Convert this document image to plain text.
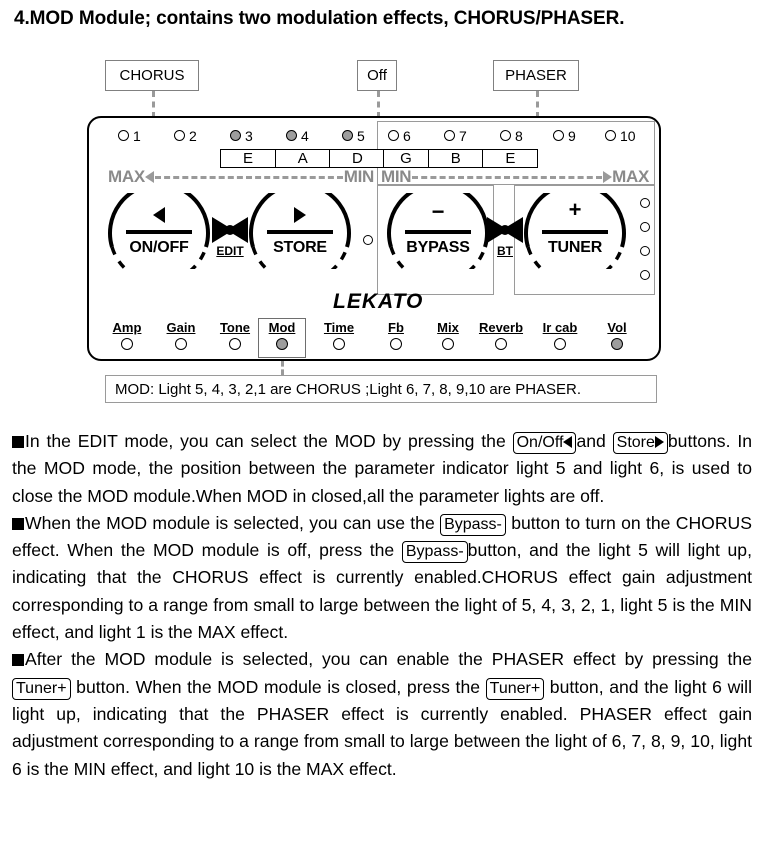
4.MOD Module; contains two modulation effects, CHORUS/PHASER.
CHORUS	Off	PHASER
1	2	3	4	5	6	7	8	9	10
E	A	D	G	B	E
MAX	MIN MIN	MAX
ON/OFF	EDIT	STORE
−
BYPASS	BT
+
TUNER
LEKATO
Amp	Gain	Tone	Mod	Time	Fb	Mix	Reverb	Ir cab	Vol
MOD: Light 5, 4, 3, 2,1 are CHORUS ;Light 6, 7, 8, 9,10 are PHASER.

In the EDIT mode, you can select the MOD by pressing the On/Off and Store buttons. In the MOD mode, the position between the parameter indicator light 5 and light 6, is used to close the MOD module.When MOD in closed,all the parameter lights are off.

When the MOD module is selected, you can use the Bypass- button to turn on the CHORUS effect. When the MOD module is off, press the Bypass- button, and the light 5 will light up, indicating that the CHORUS effect is currently enabled.CHORUS effect gain adjustment corresponding to a range from small to large between the light of 5, 4, 3, 2, 1, light 5 is the MIN effect, and light 1 is the MAX effect.

After the MOD module is selected, you can enable the PHASER effect by pressing theTuner+ button. When the MOD module is closed, press the Tuner+ button, and the light 6 will light up, indicating that the PHASER effect is currently enabled. PHASER effect gain adjustment corresponding to a range from small to large between the light of 6, 7, 8, 9, 10, light 6 is the MIN effect, and light 10 is the MAX effect.
